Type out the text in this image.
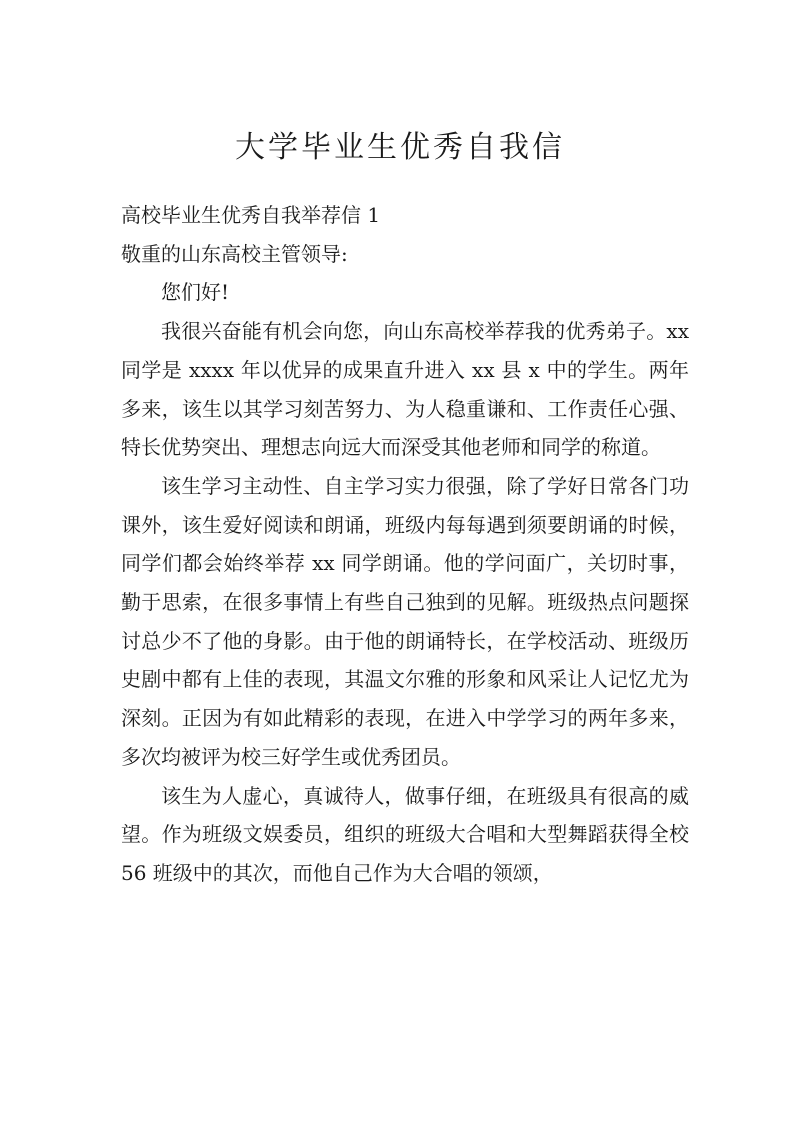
大学毕业生优秀自我信

高校毕业生优秀自我举荐信 1

敬重的山东高校主管领导:

您们好!

我很兴奋能有机会向您，向山东高校举荐我的优秀弟子。xx 同学是 xxxx 年以优异的成果直升进入 xx 县 x 中的学生。两年多来，该生以其学习刻苦努力、为人稳重谦和、工作责任心强、特长优势突出、理想志向远大而深受其他老师和同学的称道。

该生学习主动性、自主学习实力很强，除了学好日常各门功课外，该生爱好阅读和朗诵，班级内每每遇到须要朗诵的时候，同学们都会始终举荐 xx 同学朗诵。他的学问面广，关切时事，勤于思索，在很多事情上有些自己独到的见解。班级热点问题探讨总少不了他的身影。由于他的朗诵特长，在学校活动、班级历史剧中都有上佳的表现，其温文尔雅的形象和风采让人记忆尤为深刻。正因为有如此精彩的表现，在进入中学学习的两年多来，多次均被评为校三好学生或优秀团员。

该生为人虚心，真诚待人，做事仔细，在班级具有很高的威望。作为班级文娱委员，组织的班级大合唱和大型舞蹈获得全校 56 班级中的其次，而他自己作为大合唱的领颂，
